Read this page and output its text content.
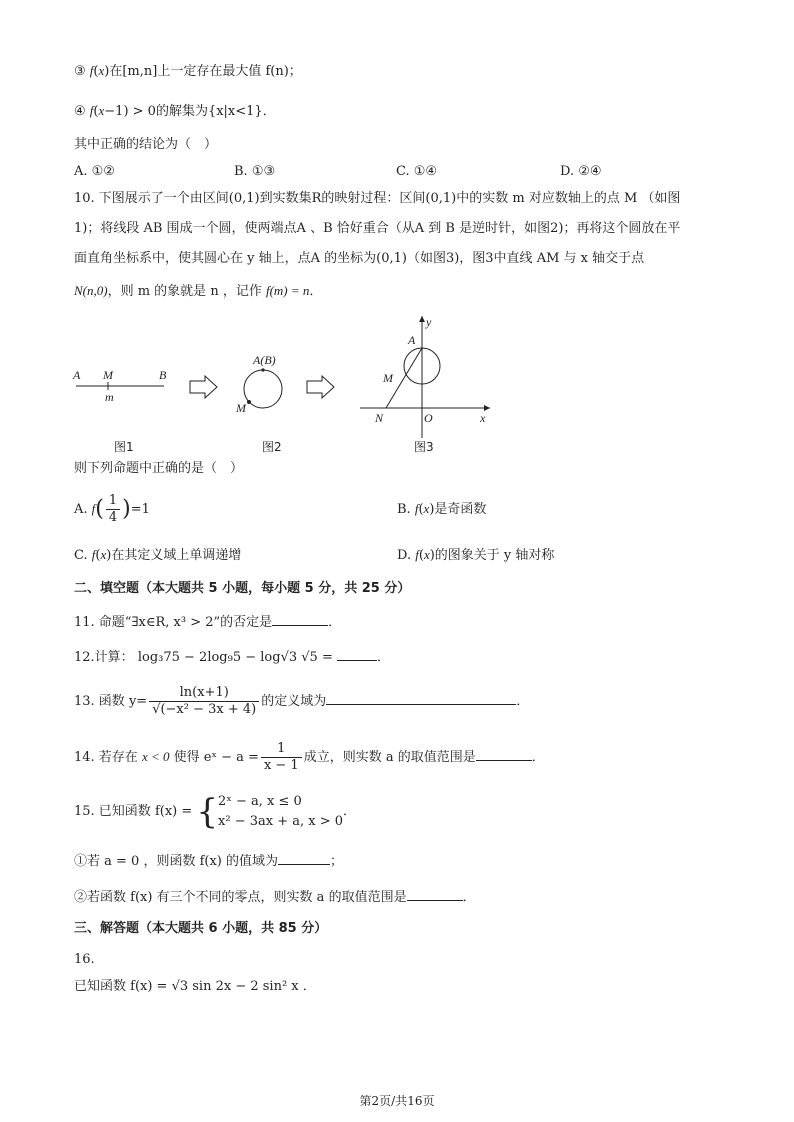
③ f(x)在[m,n]上一定存在最大值 f(n)；
④ f(x−1) > 0的解集为{x|x<1}．
其中正确的结论为（　）
A. ①②	B. ①③	C. ①④	D. ②④
10. 下图展示了一个由区间(0,1)到实数集R的映射过程：区间(0,1)中的实数 m 对应数轴上的点 M （如图
1)；将线段 AB 围成一个圆，使两端点A 、B 恰好重合（从A 到 B 是逆时针，如图2)；再将这个圆放在平
面直角坐标系中，使其圆心在 y 轴上，点A 的坐标为(0,1)（如图3)，图3中直线 AM 与 x 轴交于点
N(n,0)，则 m 的象就是 n ，记作 f(m) = n．
A M	B
m
A(B)
M
y
A
M
N	O	x
图1	图2	图3
则下列命题中正确的是（　）
A. $f( \frac{1}{4} )=1$	B. f(x)是奇函数
C. f(x)在其定义域上单调递增	D. f(x)的图象关于 y 轴对称
二、填空题（本大题共 5 小题，每小题 5 分，共 25 分）
11. 命题“∃x∈R, x³ > 2”的否定是	．
12.计算： log₃75 − 2log₉5 − log√3 √5 =	．
13. 函数 $y= \frac{\ln(x+1)}{\text{√(−x² − 3x + 4)}}$ 的定义域为	．
14. 若存在 x < 0 使得 eˣ − $a = \frac{1}{x - 1}$ 成立，则实数 a 的取值范围是	．
15. 已知函数 f(x) = { 2ˣ − a, x ≤ 0
x² − 3ax + a, x > 0
．
①若 a = 0 ，则函数 f(x) 的值域为	；
②若函数 f(x) 有三个不同的零点，则实数 a 的取值范围是	．
三、解答题（本大题共 6 小题，共 85 分）
16.
已知函数 f(x) = √3 sin 2x − 2 sin² x ．
第2页/共16页
